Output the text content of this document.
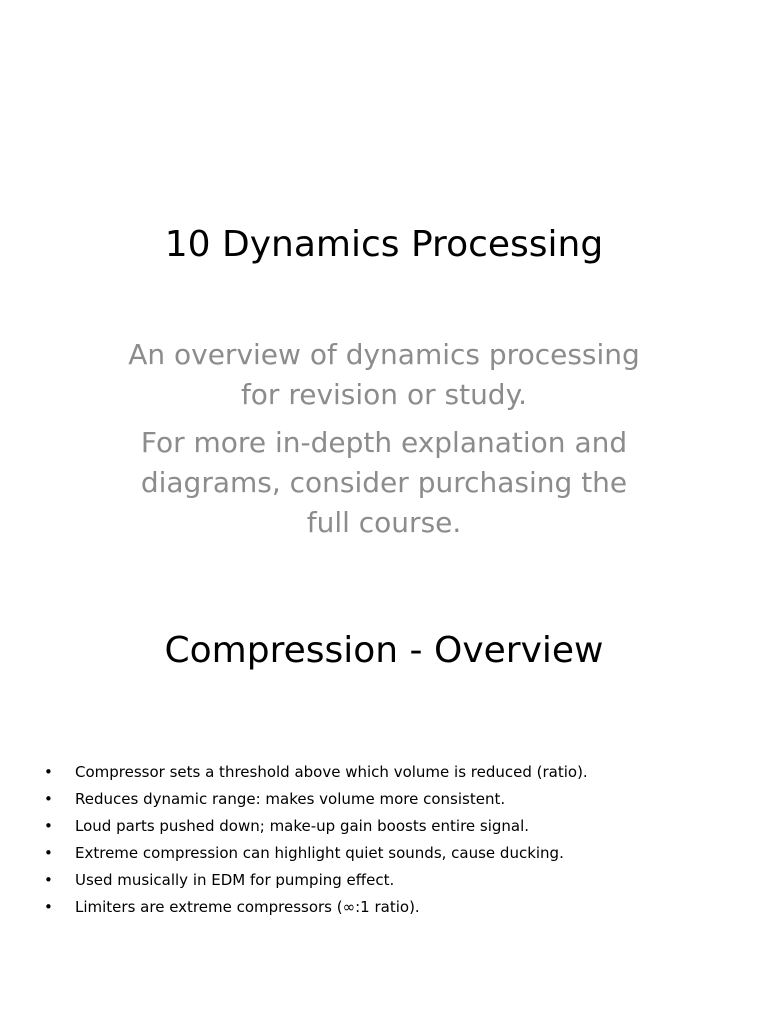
10 Dynamics Processing

An overview of dynamics processing for revision or study.

For more in-depth explanation and diagrams, consider purchasing the full course.

Compression - Overview
•	Compressor sets a threshold above which volume is reduced (ratio).
•	Reduces dynamic range: makes volume more consistent.
•	Loud parts pushed down; make-up gain boosts entire signal.
•	Extreme compression can highlight quiet sounds, cause ducking.
•	Used musically in EDM for pumping effect.
•	Limiters are extreme compressors (∞:1 ratio).
